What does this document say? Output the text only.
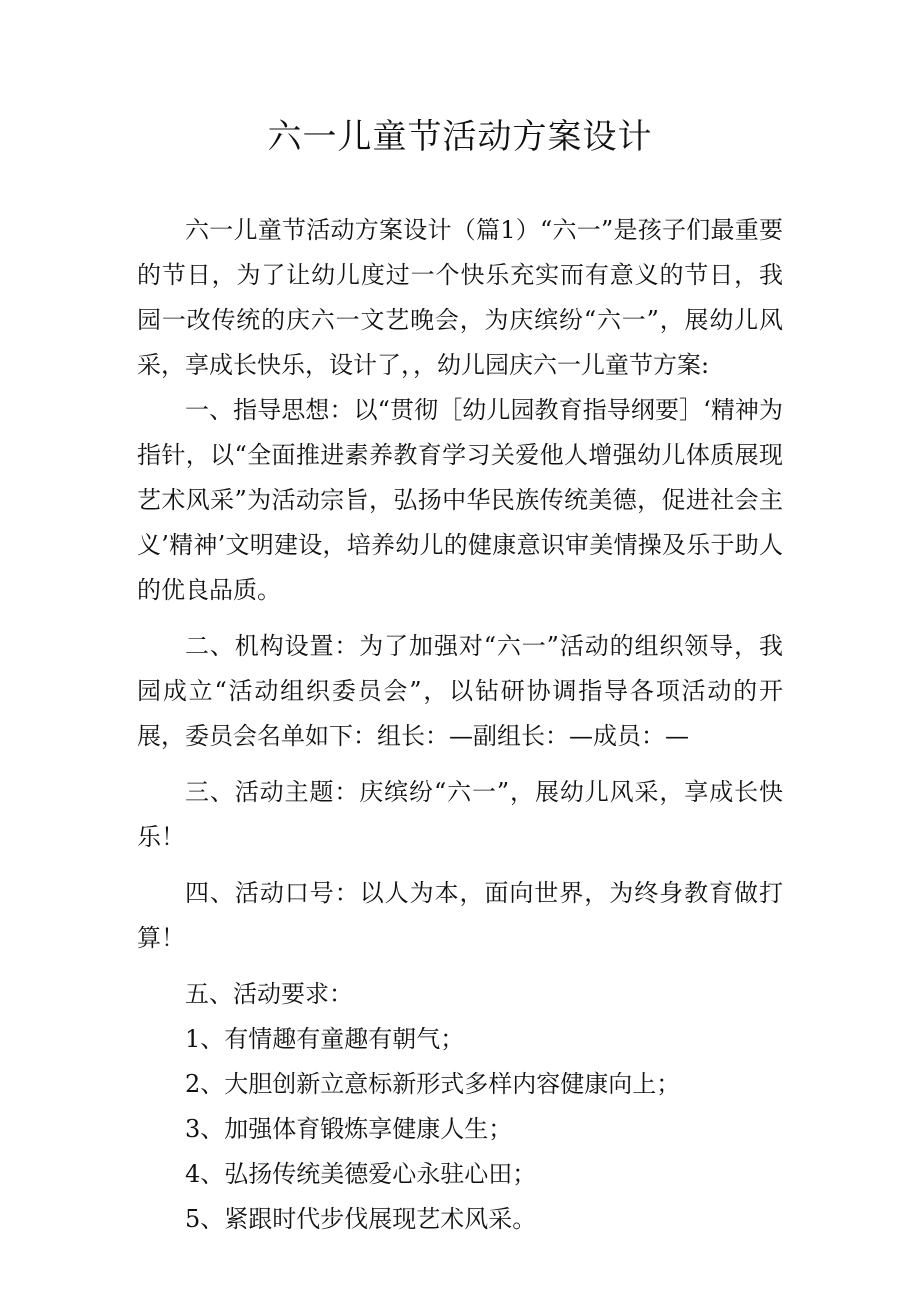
六一儿童节活动方案设计

六一儿童节活动方案设计（篇1）“六一”是孩子们最重要的节日，为了让幼儿度过一个快乐充实而有意义的节日，我园一改传统的庆六一文艺晚会，为庆缤纷“六一”，展幼儿风采，享成长快乐，设计了，，幼儿园庆六一儿童节方案:

一、指导思想：以“贯彻［幼儿园教育指导纲要］‘精神为指针，以“全面推进素养教育学习关爱他人增强幼儿体质展现艺术风采”为活动宗旨，弘扬中华民族传统美德，促进社会主义’精神’文明建设，培养幼儿的健康意识审美情操及乐于助人的优良品质。

二、机构设置：为了加强对“六一”活动的组织领导，我园成立“活动组织委员会”，以钻研协调指导各项活动的开展，委员会名单如下：组长：—副组长：—成员：—

三、活动主题：庆缤纷“六一”，展幼儿风采，享成长快乐！

四、活动口号：以人为本，面向世界，为终身教育做打算！

五、活动要求：

1、有情趣有童趣有朝气；

2、大胆创新立意标新形式多样内容健康向上；

3、加强体育锻炼享健康人生；

4、弘扬传统美德爱心永驻心田；

5、紧跟时代步伐展现艺术风采。
